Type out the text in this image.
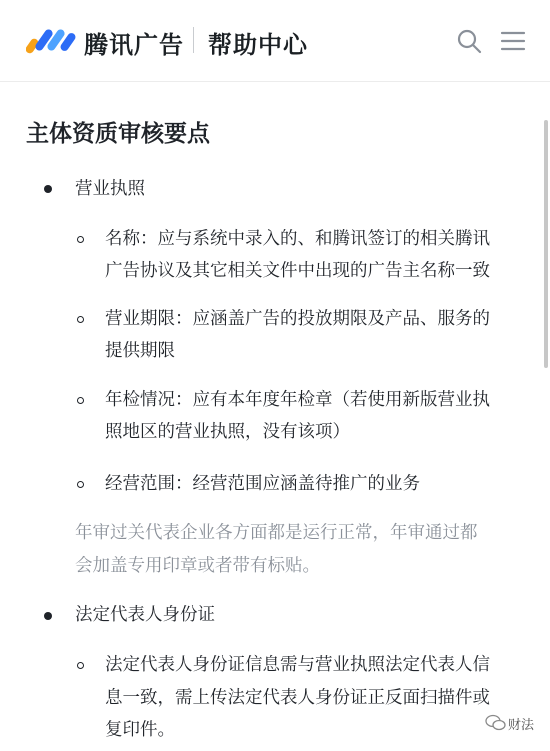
腾讯广告 帮助中心
主体资质审核要点
营业执照
名称：应与系统中录入的、和腾讯签订的相关腾讯
广告协议及其它相关文件中出现的广告主名称一致
营业期限：应涵盖广告的投放期限及产品、服务的
提供期限
年检情况：应有本年度年检章（若使用新版营业执
照地区的营业执照，没有该项）
经营范围：经营范围应涵盖待推广的业务
年审过关代表企业各方面都是运行正常，年审通过都
会加盖专用印章或者带有标贴。
法定代表人身份证
法定代表人身份证信息需与营业执照法定代表人信
息一致，需上传法定代表人身份证正反面扫描件或
复印件。	财法
